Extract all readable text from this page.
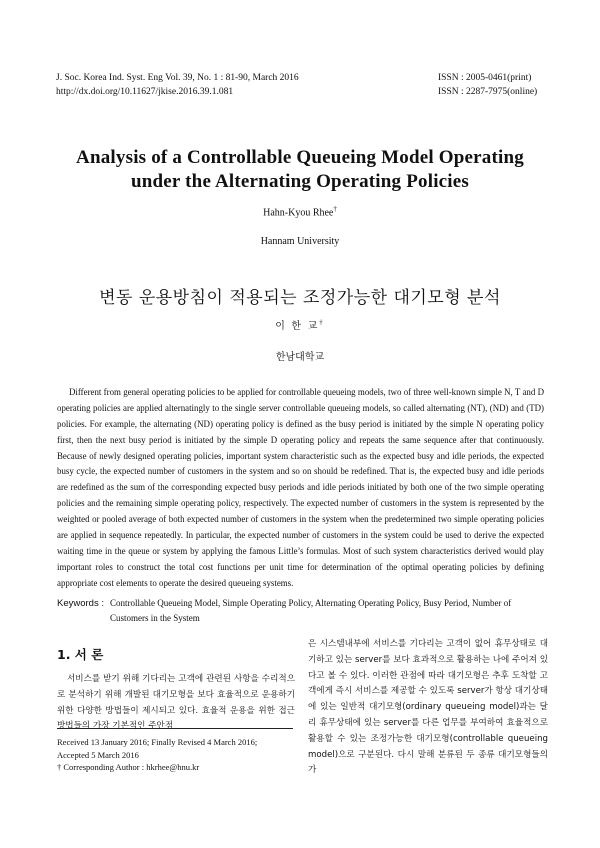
J. Soc. Korea Ind. Syst. Eng Vol. 39, No. 1 : 81-90, March 2016
http://dx.doi.org/10.11627/jkise.2016.39.1.081
ISSN : 2005-0461(print)
ISSN : 2287-7975(online)
Analysis of a Controllable Queueing Model Operating
under the Alternating Operating Policies
Hahn-Kyou Rhee†
Hannam University
변동 운용방침이 적용되는 조정가능한 대기모형 분석
이 한 교†
한남대학교

Different from general operating policies to be applied for controllable queueing models, two of three well-known simple N, T and D operating policies are applied alternatingly to the single server controllable queueing models, so called alternating (NT), (ND) and (TD) policies. For example, the alternating (ND) operating policy is defined as the busy period is initiated by the simple N operating policy first, then the next busy period is initiated by the simple D operating policy and repeats the same sequence after that continuously. Because of newly designed operating policies, important system characteristic such as the expected busy and idle periods, the expected busy cycle, the expected number of customers in the system and so on should be redefined. That is, the expected busy and idle periods are redefined as the sum of the corresponding expected busy periods and idle periods initiated by both one of the two simple operating policies and the remaining simple operating policy, respectively. The expected number of customers in the system is represented by the weighted or pooled average of both expected number of customers in the system when the predetermined two simple operating policies are applied in sequence repeatedly. In particular, the expected number of customers in the system could be used to derive the expected waiting time in the queue or system by applying the famous Little’s formulas. Most of such system characteristics derived would play important roles to construct the total cost functions per unit time for determination of the optimal operating policies by defining appropriate cost elements to operate the desired queueing systems.

Keywords : Controllable Queueing Model, Simple Operating Policy, Alternating Operating Policy, Busy Period, Number of Customers in the System
1. 서 론

서비스를 받기 위해 기다리는 고객에 관련된 사항을 수리적으로 분석하기 위해 개발된 대기모형을 보다 효율적으로 운용하기 위한 다양한 방법들이 제시되고 있다. 효율적 운용을 위한 접근방법들의 가장 기본적인 주안점

은 시스템내부에 서비스를 기다리는 고객이 없어 휴무상태로 대기하고 있는 server를 보다 효과적으로 활용하는 나에 주어져 있다고 볼 수 있다. 이러한 관점에 따라 대기모형은 추후 도착할 고객에게 즉시 서비스를 제공할 수 있도록 server가 항상 대기상태에 있는 일반적 대기모형(ordinary queueing model)과는 달리 휴무상태에 있는 server를 다른 업무를 부여하여 효율적으로 활용할 수 있는 조정가능한 대기모형(controllable queueing model)으로 구분된다. 다시 말해 분류된 두 종류 대기모형들의 가

Received 13 January 2016; Finally Revised 4 March 2016;
Accepted 5 March 2016
† Corresponding Author : hkrhee@hnu.kr
